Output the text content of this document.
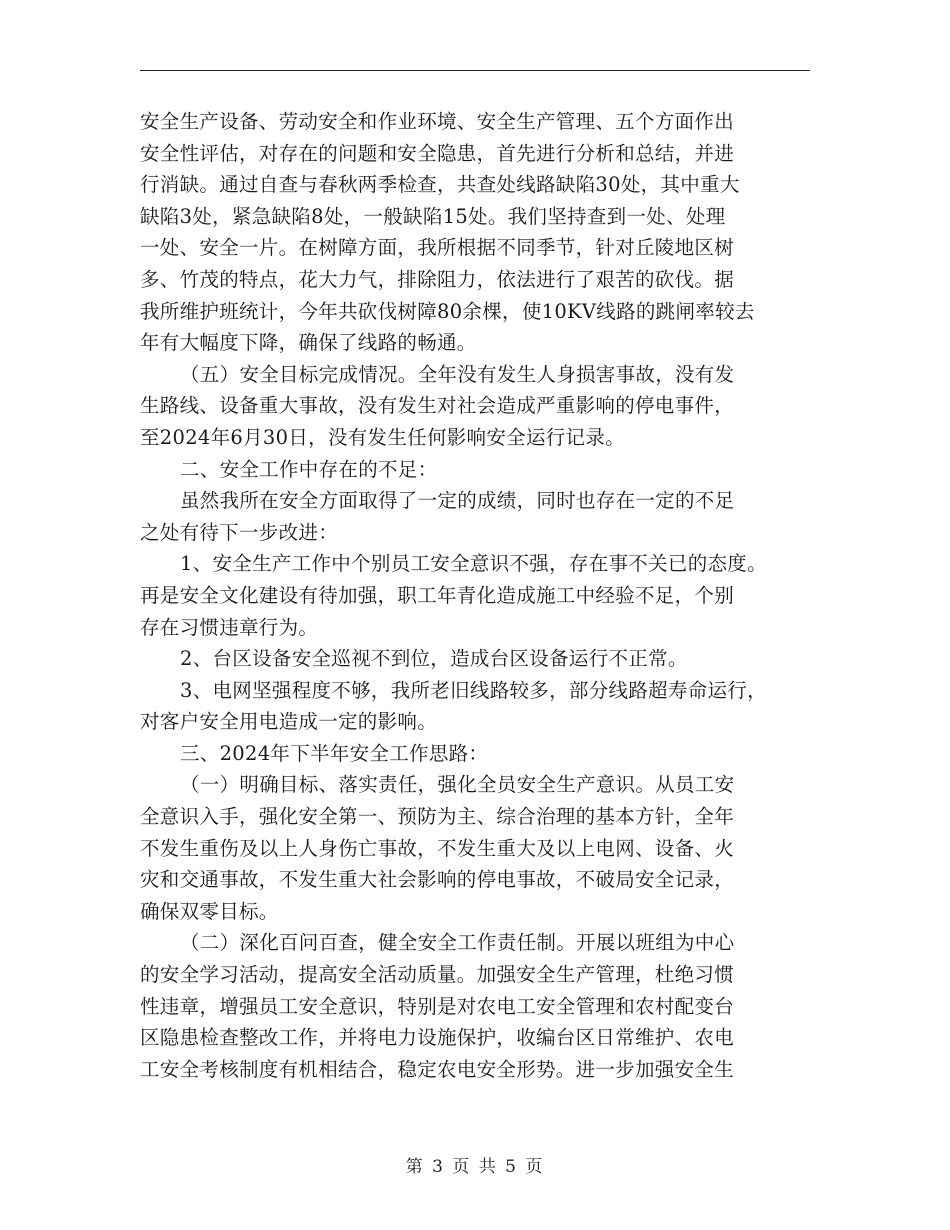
安全生产设备、劳动安全和作业环境、安全生产管理、五个方面作出
安全性评估，对存在的问题和安全隐患，首先进行分析和总结，并进
行消缺。通过自查与春秋两季检查，共查处线路缺陷30处，其中重大
缺陷3处，紧急缺陷8处，一般缺陷15处。我们坚持查到一处、处理
一处、安全一片。在树障方面，我所根据不同季节，针对丘陵地区树
多、竹茂的特点，花大力气，排除阻力，依法进行了艰苦的砍伐。据
我所维护班统计，今年共砍伐树障80余棵，使10KV线路的跳闸率较去
年有大幅度下降，确保了线路的畅通。
（五）安全目标完成情况。全年没有发生人身损害事故，没有发
生路线、设备重大事故，没有发生对社会造成严重影响的停电事件，
至2024年6月30日，没有发生任何影响安全运行记录。
二、安全工作中存在的不足：
虽然我所在安全方面取得了一定的成绩，同时也存在一定的不足
之处有待下一步改进：
1、安全生产工作中个别员工安全意识不强，存在事不关已的态度。
再是安全文化建设有待加强，职工年青化造成施工中经验不足，个别
存在习惯违章行为。
2、台区设备安全巡视不到位，造成台区设备运行不正常。
3、电网坚强程度不够，我所老旧线路较多，部分线路超寿命运行，
对客户安全用电造成一定的影响。
三、2024年下半年安全工作思路：
（一）明确目标、落实责任，强化全员安全生产意识。从员工安
全意识入手，强化安全第一、预防为主、综合治理的基本方针，全年
不发生重伤及以上人身伤亡事故，不发生重大及以上电网、设备、火
灾和交通事故，不发生重大社会影响的停电事故，不破局安全记录，
确保双零目标。
（二）深化百问百查，健全安全工作责任制。开展以班组为中心
的安全学习活动，提高安全活动质量。加强安全生产管理，杜绝习惯
性违章，增强员工安全意识，特别是对农电工安全管理和农村配变台
区隐患检查整改工作，并将电力设施保护，收编台区日常维护、农电
工安全考核制度有机相结合，稳定农电安全形势。进一步加强安全生
第 3 页 共 5 页
